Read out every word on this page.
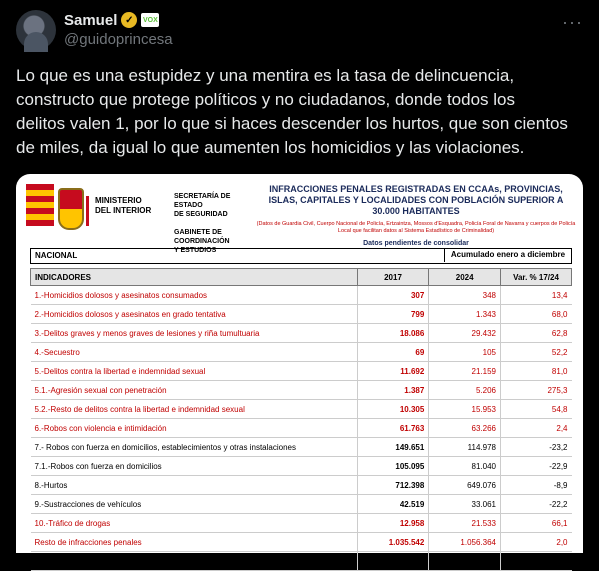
Samuel ✓	VOX
@guidoprincesa
···
Lo que es una estupidez y una mentira es la tasa de delincuencia,
constructo que protege políticos y no ciudadanos, donde todos los
delitos valen 1, por lo que si haces descender los hurtos, que son cientos
de miles, da igual lo que aumenten los homicidios y las violaciones.
MINISTERIO
DEL INTERIOR
SECRETARÍA DE ESTADO
DE SEGURIDAD

GABINETE DE COORDINACIÓN
Y ESTUDIOS
INFRACCIONES PENALES REGISTRADAS EN CCAAs, PROVINCIAS, ISLAS, CAPITALES Y LOCALIDADES CON POBLACIÓN SUPERIOR A 30.000 HABITANTES
(Datos de Guardia Civil, Cuerpo Nacional de Policía, Ertzaintza, Mossos d'Esquadra, Policía Foral de Navarra y cuerpos de Policía Local que facilitan datos al Sistema Estadístico de Criminalidad)
Datos pendientes de consolidar
NACIONAL	Acumulado enero a diciembre
INDICADORES	2017	2024	Var. % 17/24
1.-Homicidios dolosos y asesinatos consumados	307	348	13,4
2.-Homicidios dolosos y asesinatos en grado tentativa	799	1.343	68,0
3.-Delitos graves y menos graves de lesiones y riña tumultuaria	18.086	29.432	62,8
4.-Secuestro	69	105	52,2
5.-Delitos contra la libertad e indemnidad sexual	11.692	21.159	81,0
5.1.-Agresión sexual con penetración	1.387	5.206	275,3
5.2.-Resto de delitos contra la libertad e indemnidad sexual	10.305	15.953	54,8
6.-Robos con violencia e intimidación	61.763	63.266	2,4
7.- Robos con fuerza en domicilios, establecimientos y otras instalaciones	149.651	114.978	-23,2
7.1.-Robos con fuerza en domicilios	105.095	81.040	-22,9
8.-Hurtos	712.398	649.076	-8,9
9.-Sustracciones de vehículos	42.519	33.061	-22,2
10.-Tráfico de drogas	12.958	21.533	66,1
Resto de infracciones penales	1.035.542	1.056.364	2,0
TOTAL INFRACCIONES PENALES	2.045.784	1.990.575	-2,7
